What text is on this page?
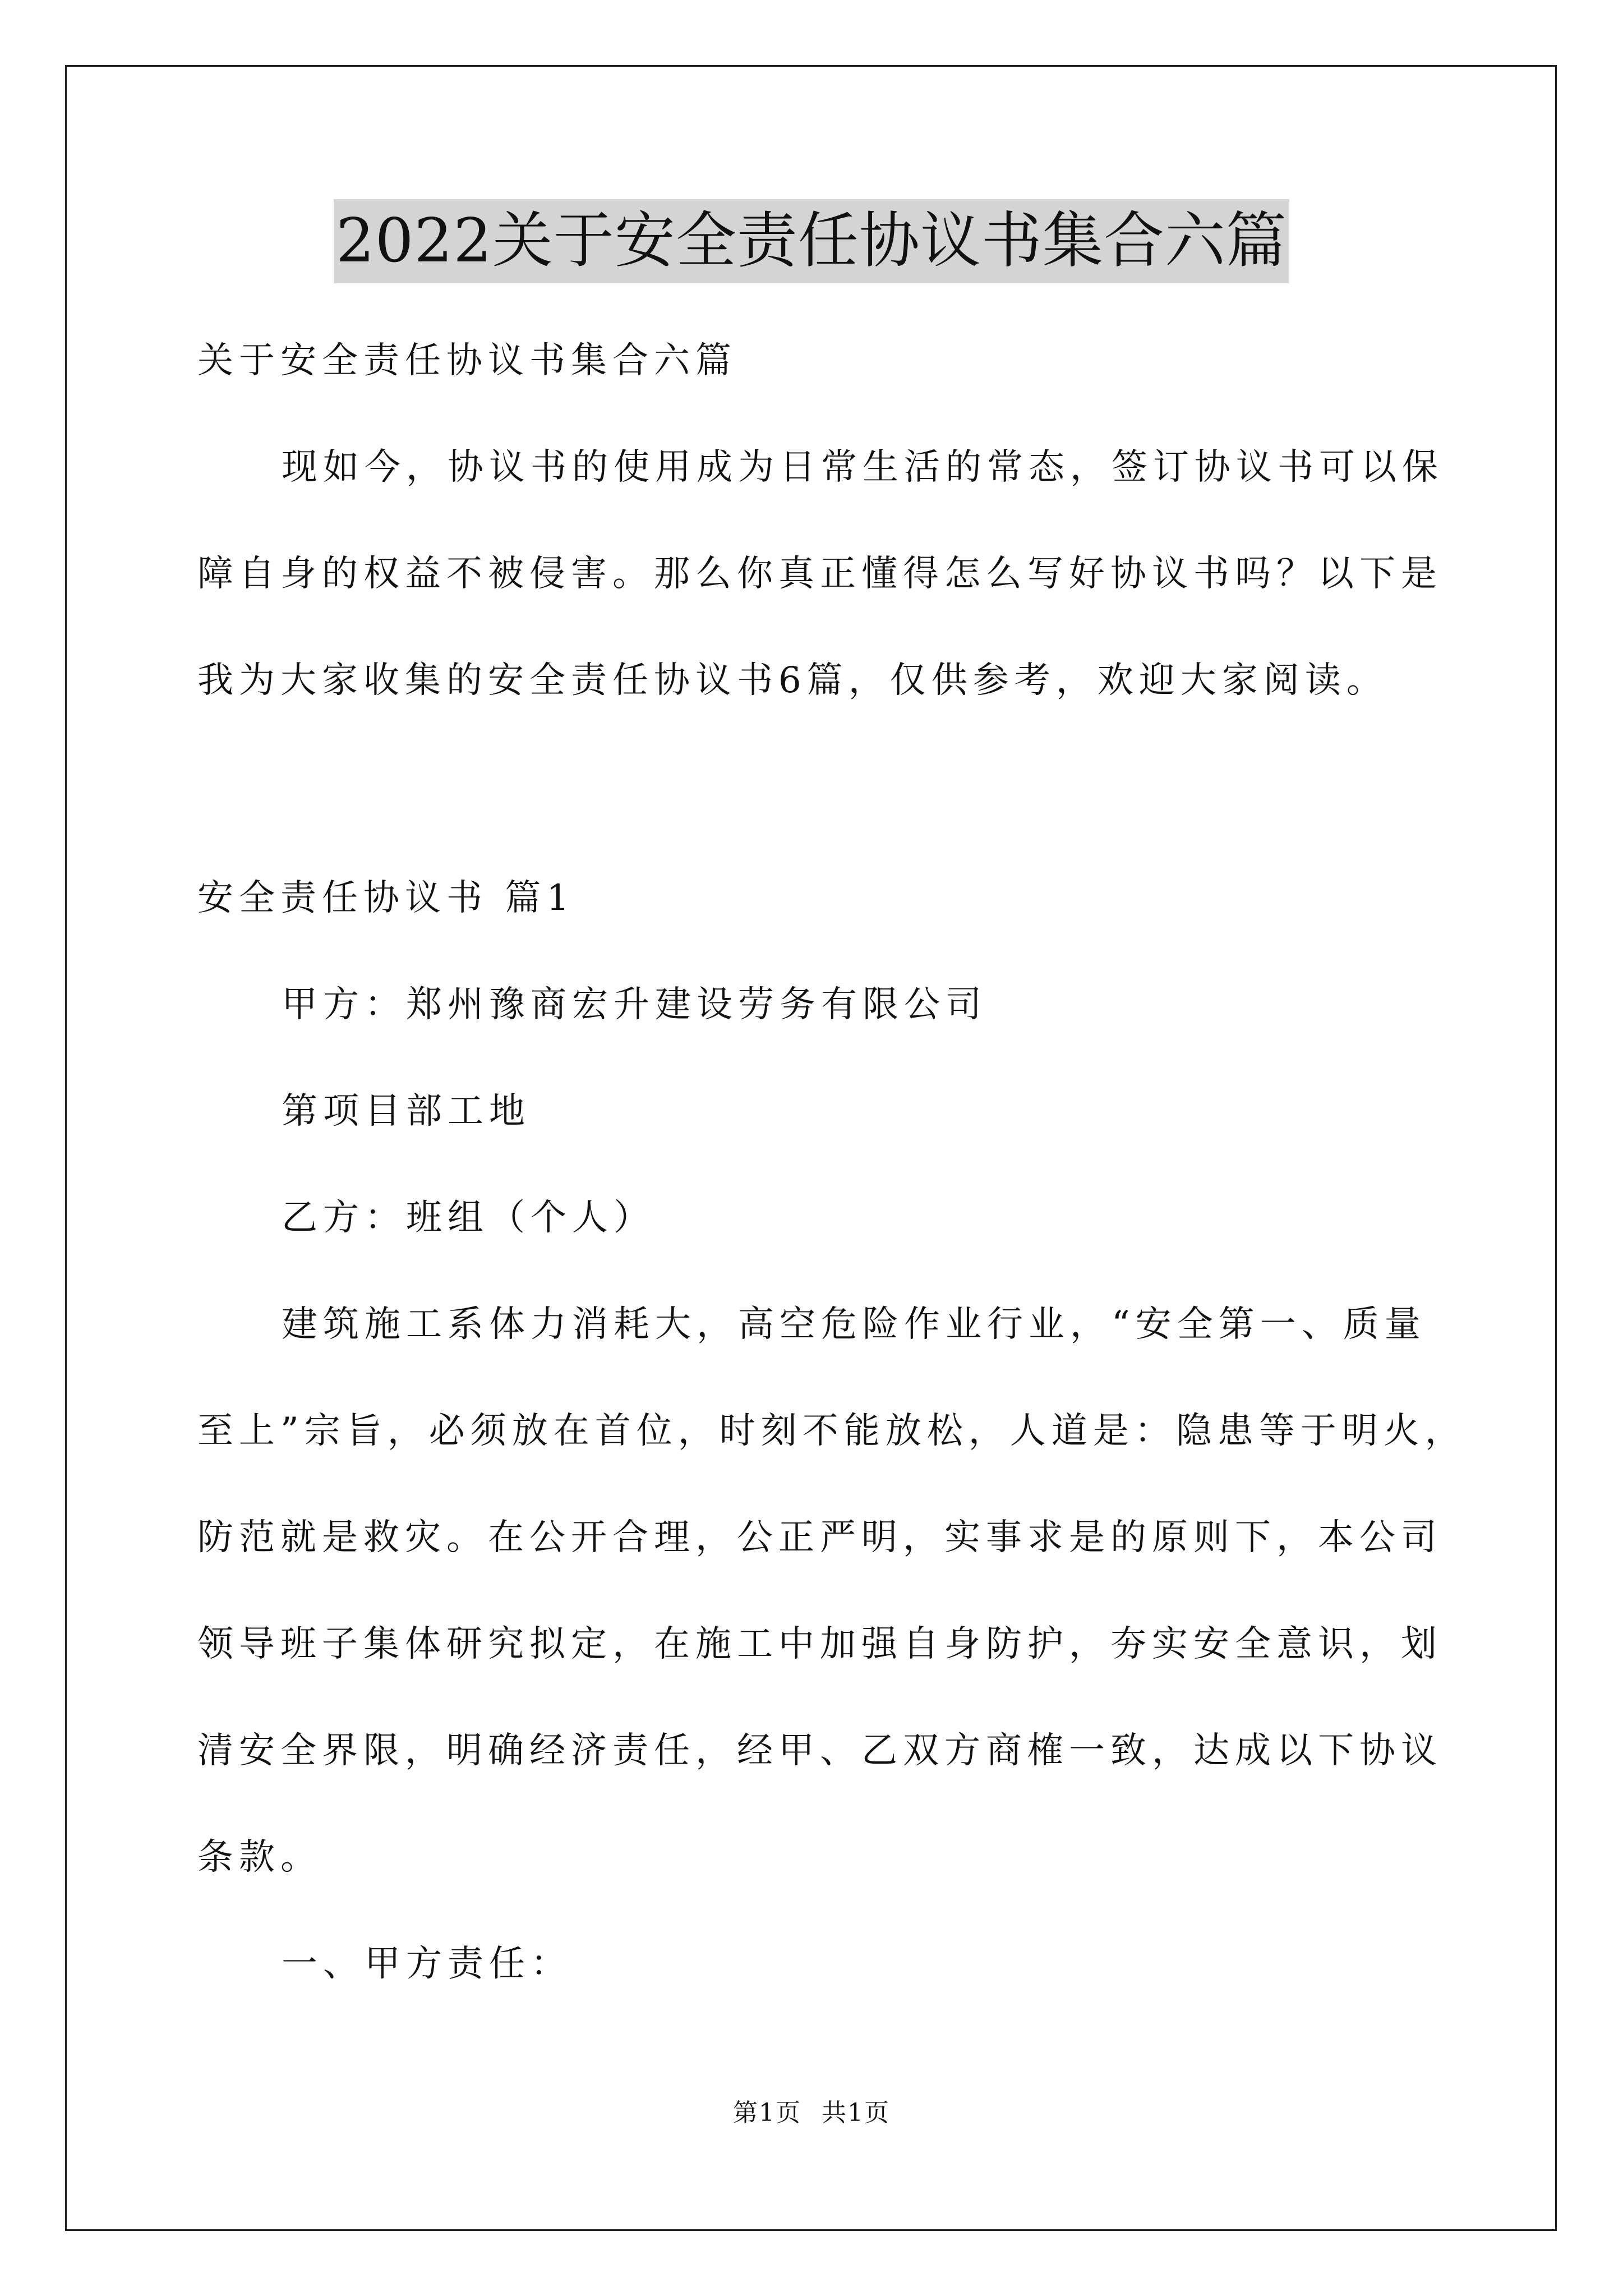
2022关于安全责任协议书集合六篇
关于安全责任协议书集合六篇
现如今，协议书的使用成为日常生活的常态，签订协议书可以保
障自身的权益不被侵害。那么你真正懂得怎么写好协议书吗？以下是
我为大家收集的安全责任协议书6篇，仅供参考，欢迎大家阅读。
安全责任协议书 篇1
甲方：郑州豫商宏升建设劳务有限公司
第项目部工地
乙方：班组（个人）
建筑施工系体力消耗大，高空危险作业行业，“安全第一、质量
至上”宗旨，必须放在首位，时刻不能放松，人道是：隐患等于明火，
防范就是救灾。在公开合理，公正严明，实事求是的原则下，本公司
领导班子集体研究拟定，在施工中加强自身防护，夯实安全意识，划
清安全界限，明确经济责任，经甲、乙双方商榷一致，达成以下协议
条款。
一、甲方责任：
第1页 共1页
